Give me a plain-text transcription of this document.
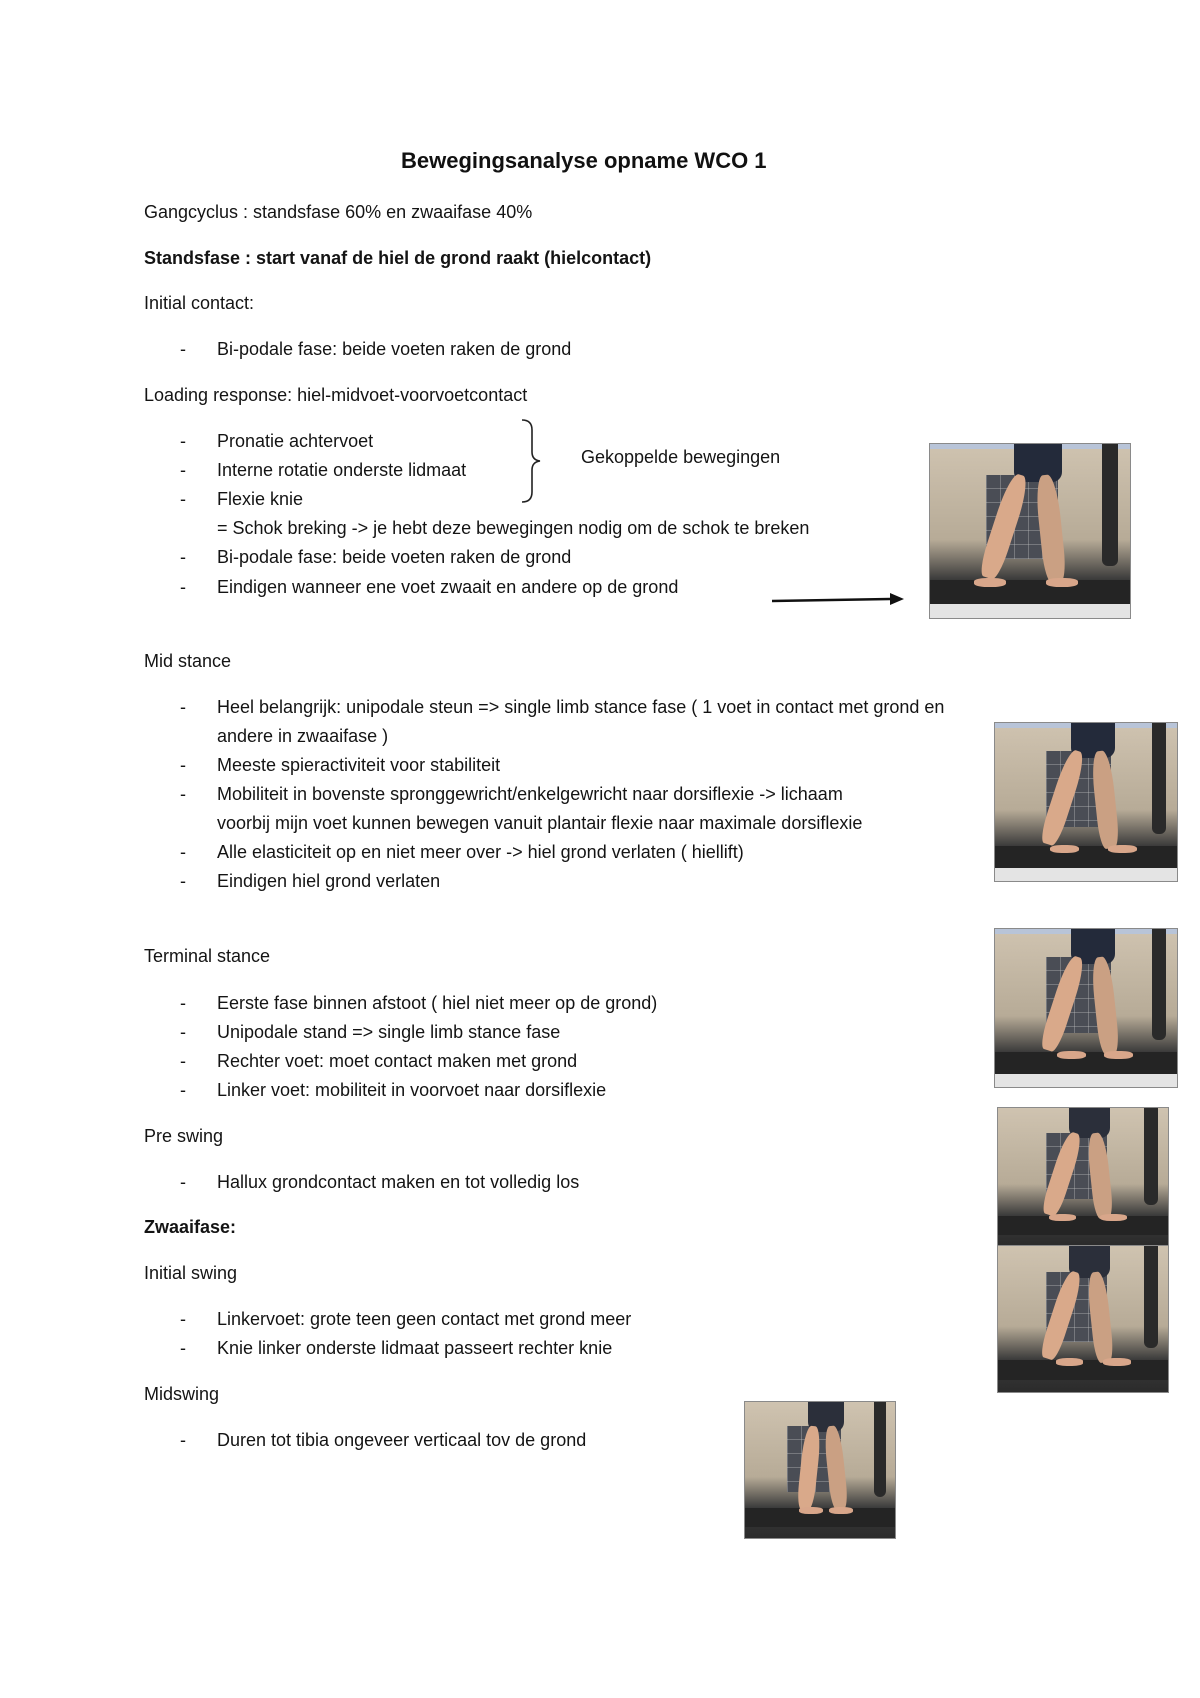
Bewegingsanalyse opname WCO 1
Gangcyclus : standsfase 60% en zwaaifase 40%
Standsfase : start vanaf de hiel de grond raakt (hielcontact)
Initial contact:
- Bi-podale fase: beide voeten raken de grond
Loading response: hiel-midvoet-voorvoetcontact
- Pronatie achtervoet
- Interne rotatie onderste lidmaat
- Flexie knie
= Schok breking -> je hebt deze bewegingen nodig om de schok te breken
- Bi-podale fase: beide voeten raken de grond
- Eindigen wanneer ene voet zwaait en andere op de grond
Gekoppelde bewegingen
Mid stance
- Heel belangrijk: unipodale steun => single limb stance fase ( 1 voet in contact met grond en
andere in zwaaifase )
- Meeste spieractiviteit voor stabiliteit
- Mobiliteit in bovenste spronggewricht/enkelgewricht naar dorsiflexie -> lichaam
voorbij mijn voet kunnen bewegen vanuit plantair flexie naar maximale dorsiflexie
- Alle elasticiteit op en niet meer over -> hiel grond verlaten ( hiellift)
- Eindigen hiel grond verlaten
Terminal stance
- Eerste fase binnen afstoot ( hiel niet meer op de grond)
- Unipodale stand => single limb stance fase
- Rechter voet: moet contact maken met grond
- Linker voet: mobiliteit in voorvoet naar dorsiflexie
Pre swing
- Hallux grondcontact maken en tot volledig los
Zwaaifase:
Initial swing
- Linkervoet: grote teen geen contact met grond meer
- Knie linker onderste lidmaat passeert rechter knie
Midswing
- Duren tot tibia ongeveer verticaal tov de grond
